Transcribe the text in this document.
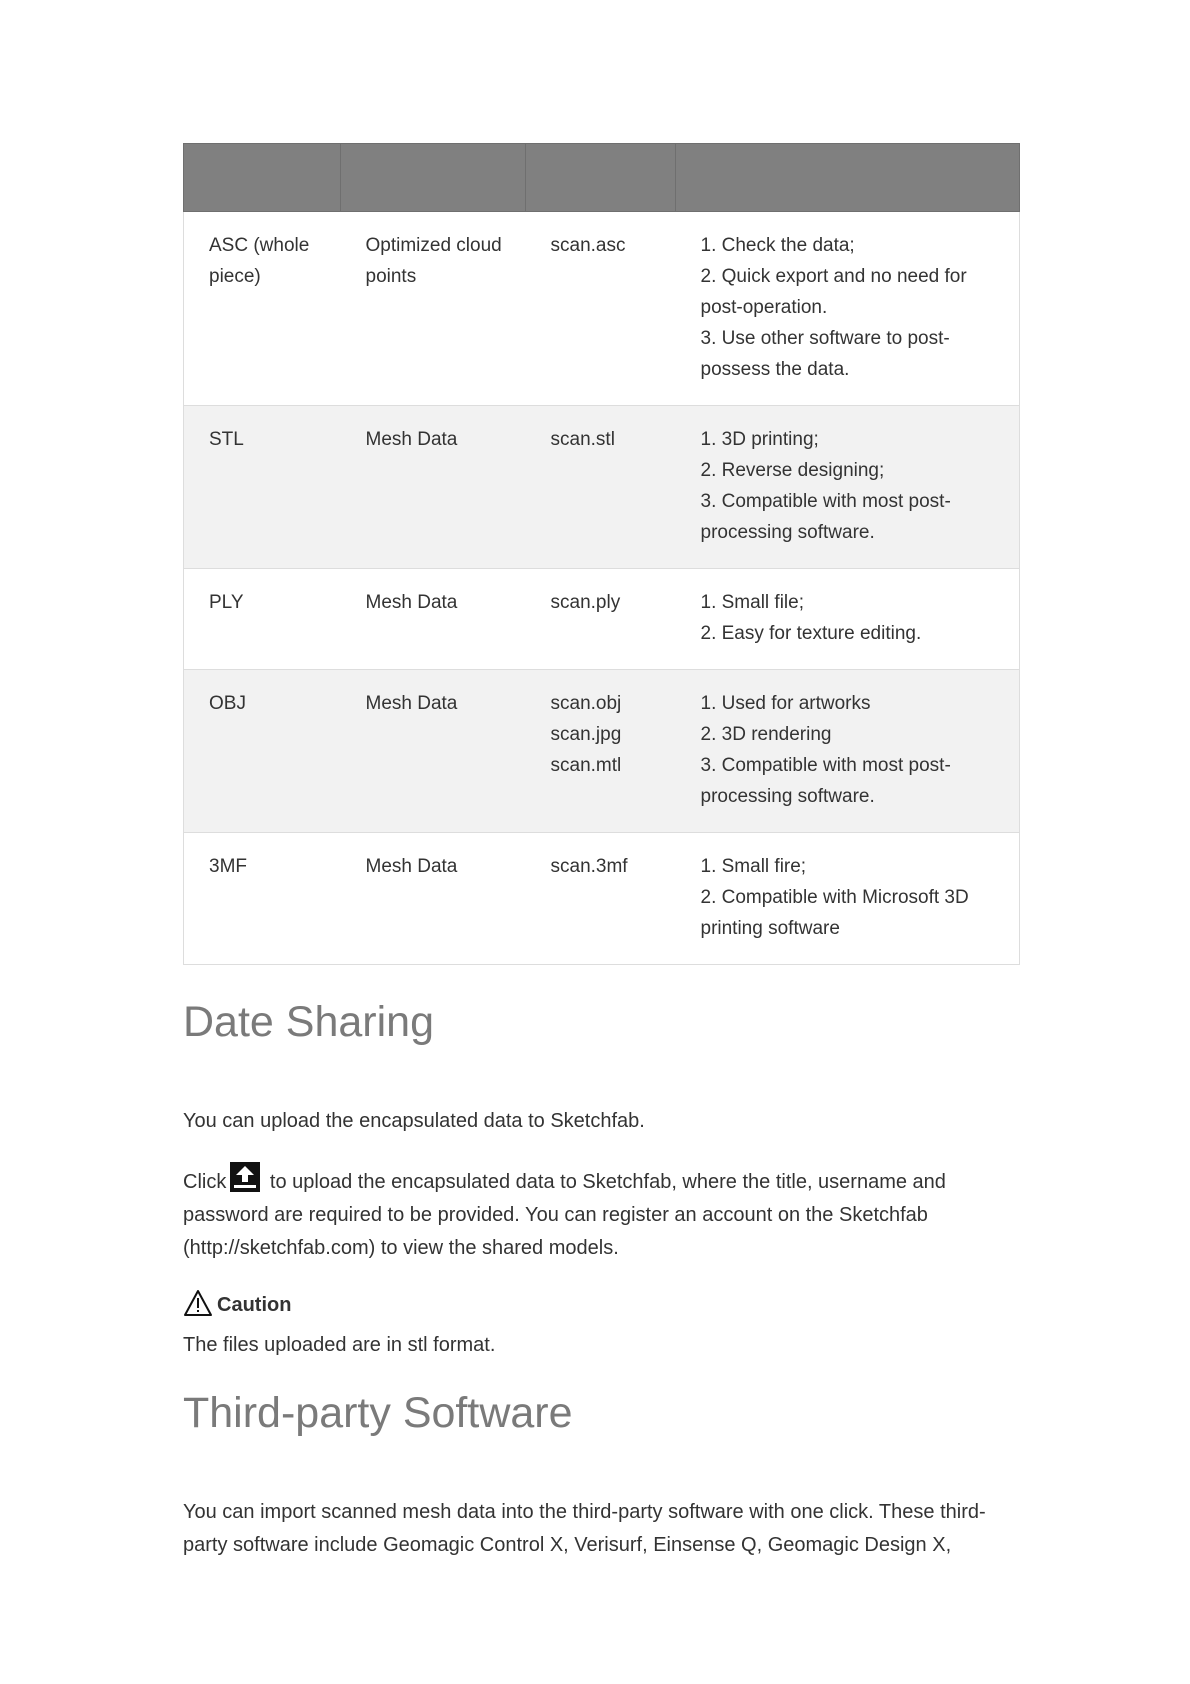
ASC (whole
piece)	Optimized cloud
points	scan.asc	1. Check the data;
2. Quick export and no need for
post-operation.
3. Use other software to post-
possess the data.

STL	Mesh Data	scan.stl	1. 3D printing;
2. Reverse designing;
3. Compatible with most post-
processing software.

PLY	Mesh Data	scan.ply	1. Small file;
2. Easy for texture editing.

OBJ	Mesh Data	scan.obj
scan.jpg
scan.mtl	1. Used for artworks
2. 3D rendering
3. Compatible with most post-
processing software.

3MF	Mesh Data	scan.3mf	1. Small fire;
2. Compatible with Microsoft 3D
printing software
Date Sharing

You can upload the encapsulated data to Sketchfab.

Click to upload the encapsulated data to Sketchfab, where the title, username and password are required to be provided. You can register an account on the Sketchfab (http://sketchfab.com) to view the shared models.

Caution

The files uploaded are in stl format.

Third-party Software

You can import scanned mesh data into the third-party software with one click. These third-party software include Geomagic Control X, Verisurf, Einsense Q, Geomagic Design X,
